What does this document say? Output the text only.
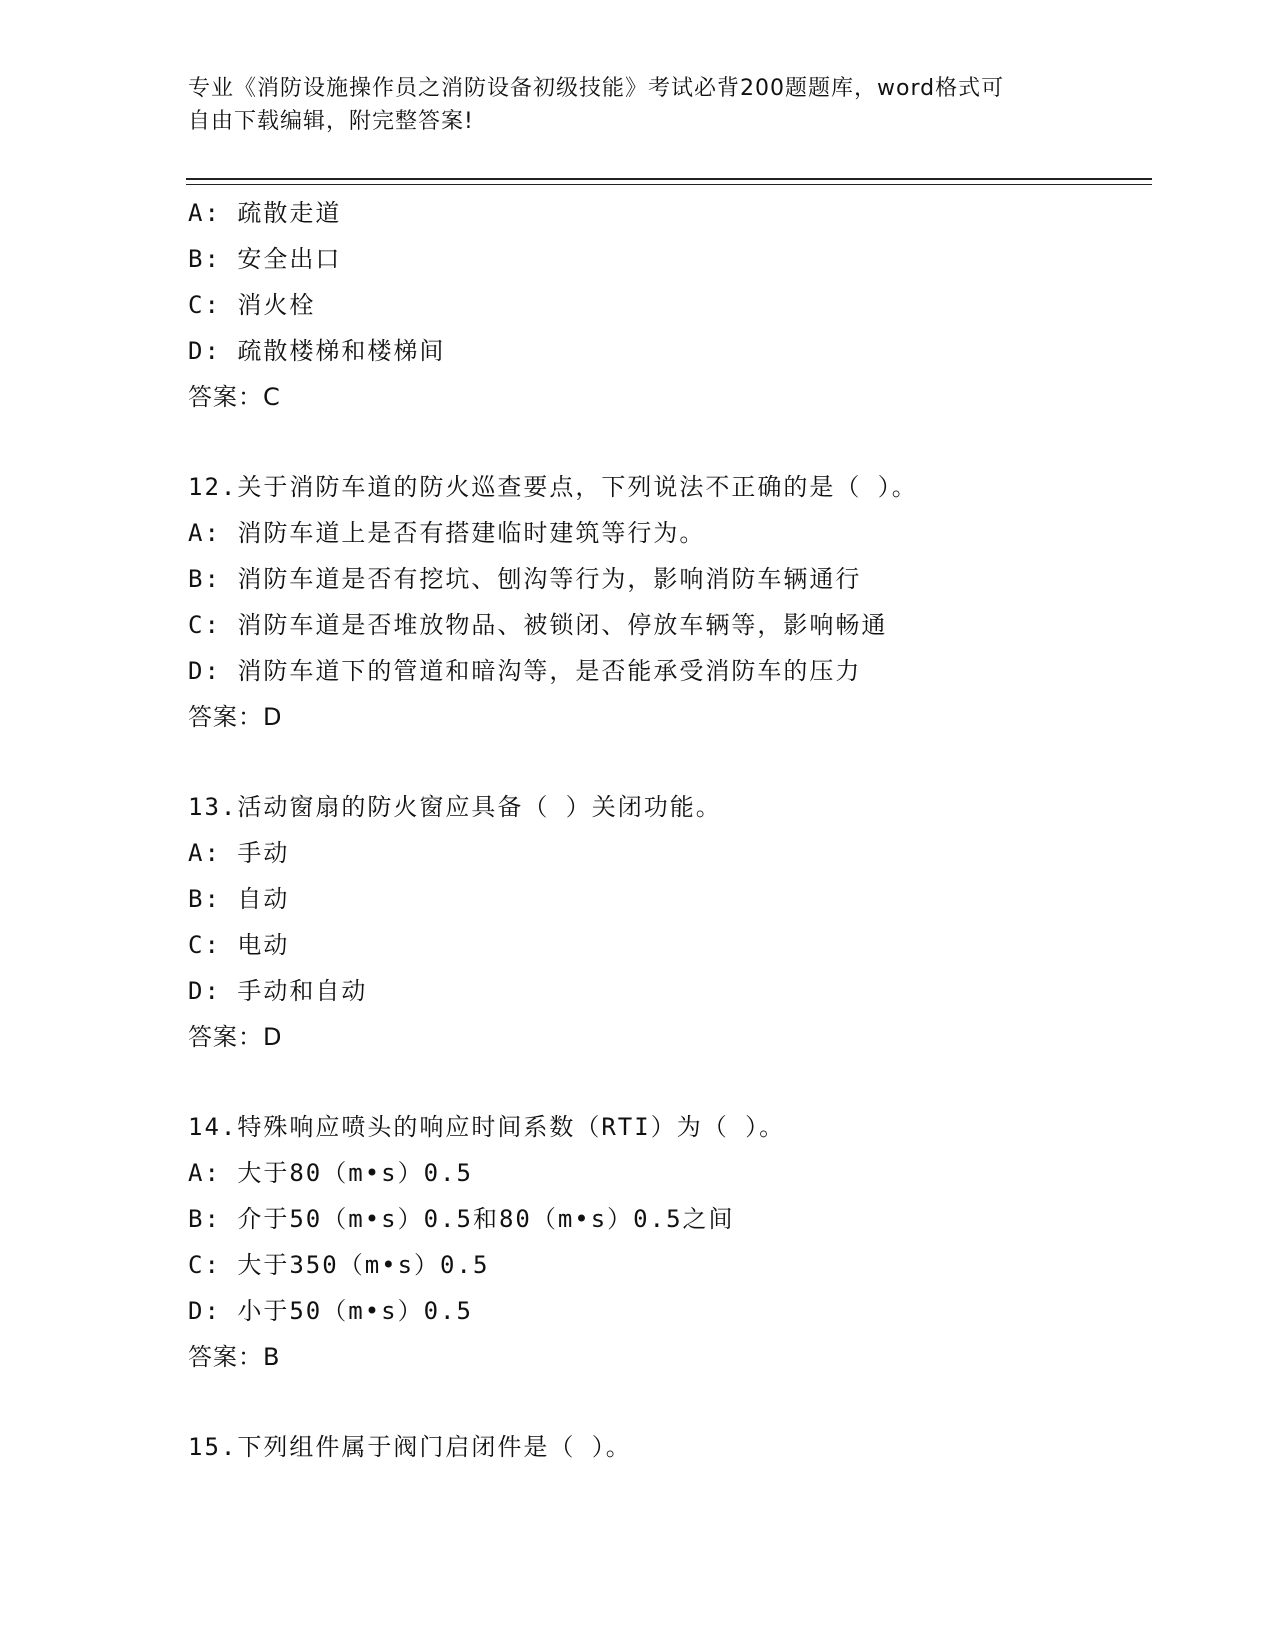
专业《消防设施操作员之消防设备初级技能》考试必背200题题库，word格式可
自由下载编辑，附完整答案!
A: 疏散走道
B: 安全出口
C: 消火栓
D: 疏散楼梯和楼梯间
答案：C
12.关于消防车道的防火巡查要点，下列说法不正确的是（ ）。
A: 消防车道上是否有搭建临时建筑等行为。
B: 消防车道是否有挖坑、刨沟等行为，影响消防车辆通行
C: 消防车道是否堆放物品、被锁闭、停放车辆等，影响畅通
D: 消防车道下的管道和暗沟等，是否能承受消防车的压力
答案：D
13.活动窗扇的防火窗应具备（ ）关闭功能。
A: 手动
B: 自动
C: 电动
D: 手动和自动
答案：D
14.特殊响应喷头的响应时间系数（RTI）为（ ）。
A: 大于80（m•s）0.5
B: 介于50（m•s）0.5和80（m•s）0.5之间
C: 大于350（m•s）0.5
D: 小于50（m•s）0.5
答案：B
15.下列组件属于阀门启闭件是（ ）。
